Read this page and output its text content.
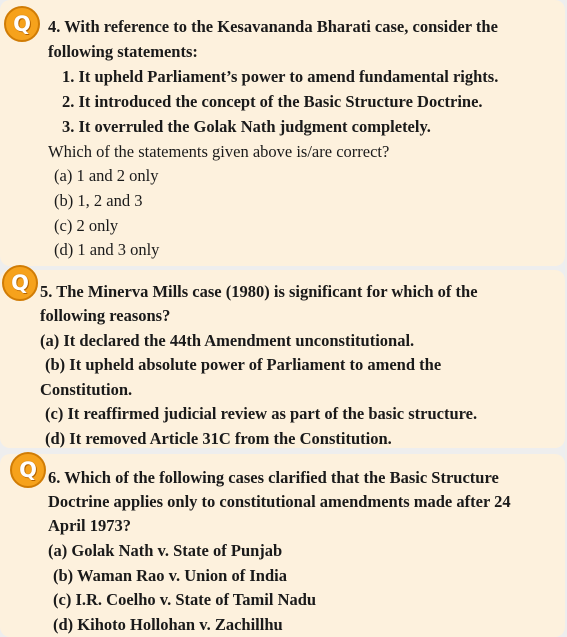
Q	4. With reference to the Kesavananda Bharati case, consider the
following statements:
1. It upheld Parliament’s power to amend fundamental rights.
2. It introduced the concept of the Basic Structure Doctrine.
3. It overruled the Golak Nath judgment completely.
Which of the statements given above is/are correct?
(a) 1 and 2 only
(b) 1, 2 and 3
(c) 2 only
(d) 1 and 3 only
Q 5. The Minerva Mills case (1980) is significant for which of the
following reasons?
(a) It declared the 44th Amendment unconstitutional.
(b) It upheld absolute power of Parliament to amend the
Constitution.
(c) It reaffirmed judicial review as part of the basic structure.
(d) It removed Article 31C from the Constitution.
Q 6. Which of the following cases clarified that the Basic Structure
Doctrine applies only to constitutional amendments made after 24
April 1973?
(a) Golak Nath v. State of Punjab
(b) Waman Rao v. Union of India
(c) I.R. Coelho v. State of Tamil Nadu
(d) Kihoto Hollohan v. Zachillhu
